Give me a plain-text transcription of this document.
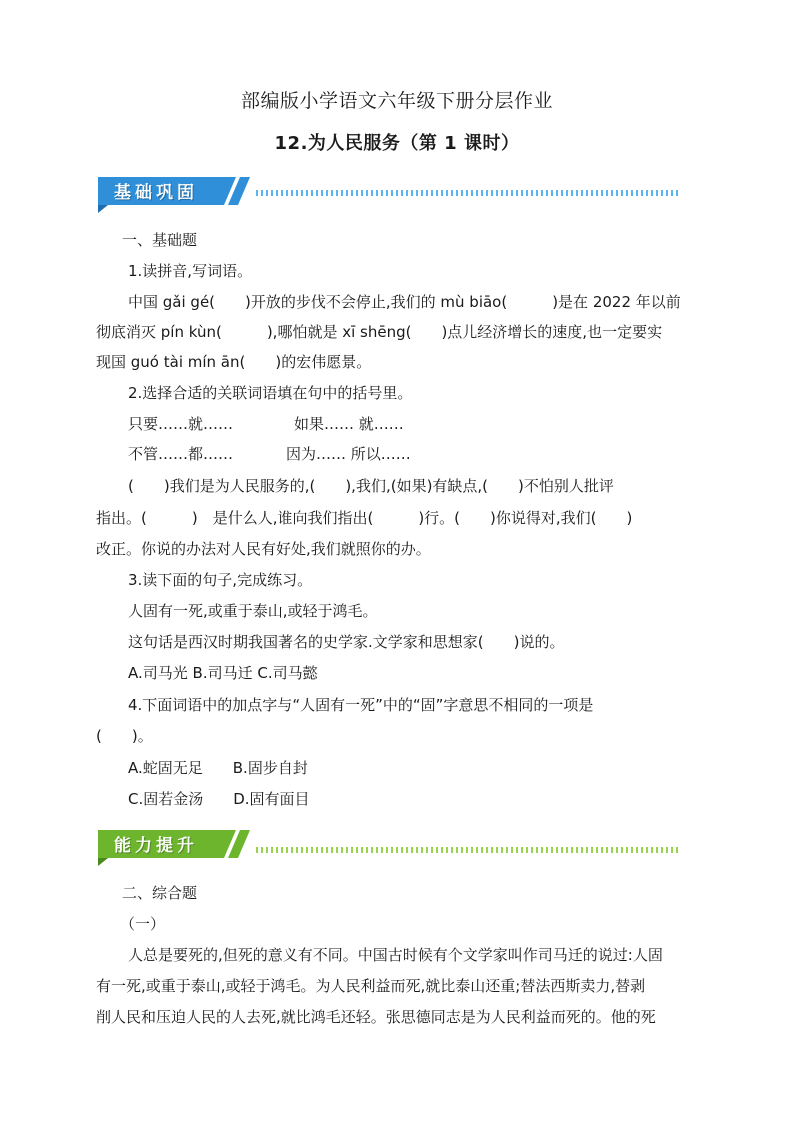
部编版小学语文六年级下册分层作业
12.为人民服务（第 1 课时）
基础巩固
一、基础题
1.读拼音,写词语。
中国 gǎi gé(　　)开放的步伐不会停止,我们的 mù biāo(　　　)是在 2022 年以前
彻底消灭 pín kùn(　　　),哪怕就是 xī shēng(　　)点儿经济增长的速度,也一定要实
现国 guó tài mín ān(　　)的宏伟愿景。
2.选择合适的关联词语填在句中的括号里。
只要……就……	如果…… 就……
不管……都……	因为…… 所以……
(　　)我们是为人民服务的,(　　),我们,(如果)有缺点,(　　)不怕别人批评
指出。(　　　)　是什么人,谁向我们指出(　　　)行。(　　)你说得对,我们(　　)
改正。你说的办法对人民有好处,我们就照你的办。
3.读下面的句子,完成练习。
人固有一死,或重于泰山,或轻于鸿毛。
这句话是西汉时期我国著名的史学家.文学家和思想家(　　)说的。
A.司马光 B.司马迁 C.司马懿
4.下面词语中的加点字与“人固有一死”中的“固”字意思不相同的一项是
(　　)。
A.蛇固无足　　B.固步自封
C.固若金汤　　D.固有面目
能力提升
二、综合题
（一）
人总是要死的,但死的意义有不同。中国古时候有个文学家叫作司马迁的说过:人固
有一死,或重于泰山,或轻于鸿毛。为人民利益而死,就比泰山还重;替法西斯卖力,替剥
削人民和压迫人民的人去死,就比鸿毛还轻。张思德同志是为人民利益而死的。他的死
